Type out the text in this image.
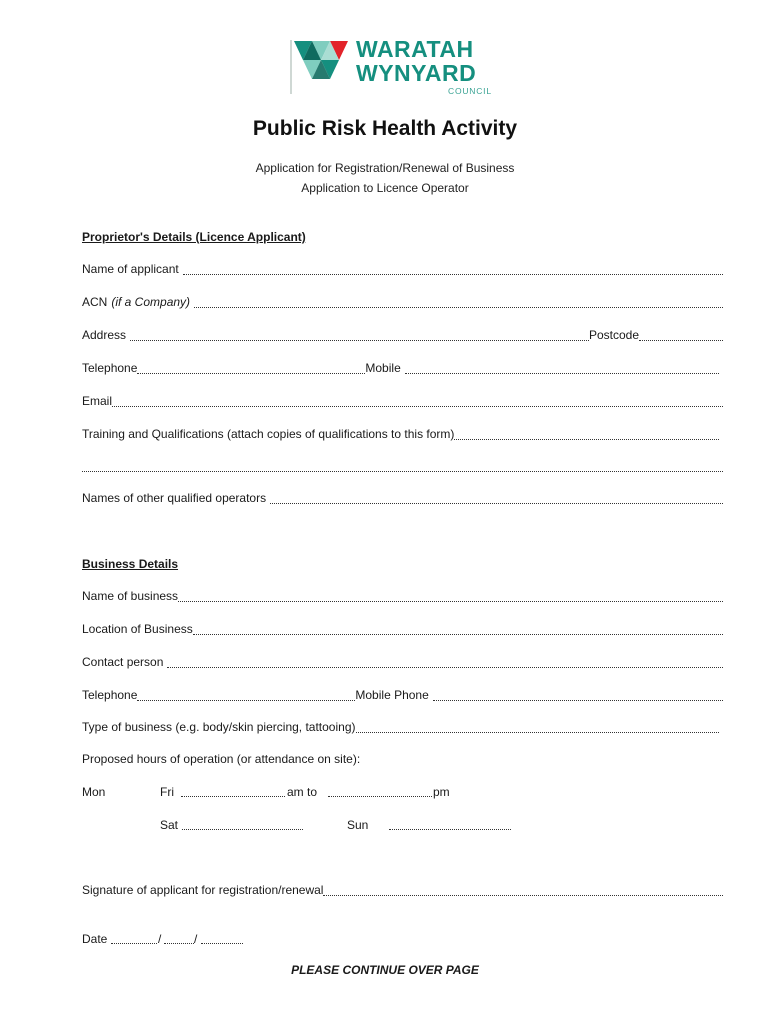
WARATAH
WYNYARD
COUNCIL
Public Risk Health Activity
Application for Registration/Renewal of Business
Application to Licence Operator
Proprietor's Details (Licence Applicant)
Name of applicant
ACN (if a Company)
Address	Postcode
Telephone	Mobile
Email
Training and Qualifications (attach copies of qualifications to this form)
Names of other qualified operators
Business Details
Name of business
Location of Business
Contact person
Telephone	Mobile Phone
Type of business (e.g. body/skin piercing, tattooing)
Proposed hours of operation (or attendance on site):
Mon	Fri	am to	pm
Sat	Sun
Signature of applicant for registration/renewal
Date	/	/
PLEASE CONTINUE OVER PAGE
